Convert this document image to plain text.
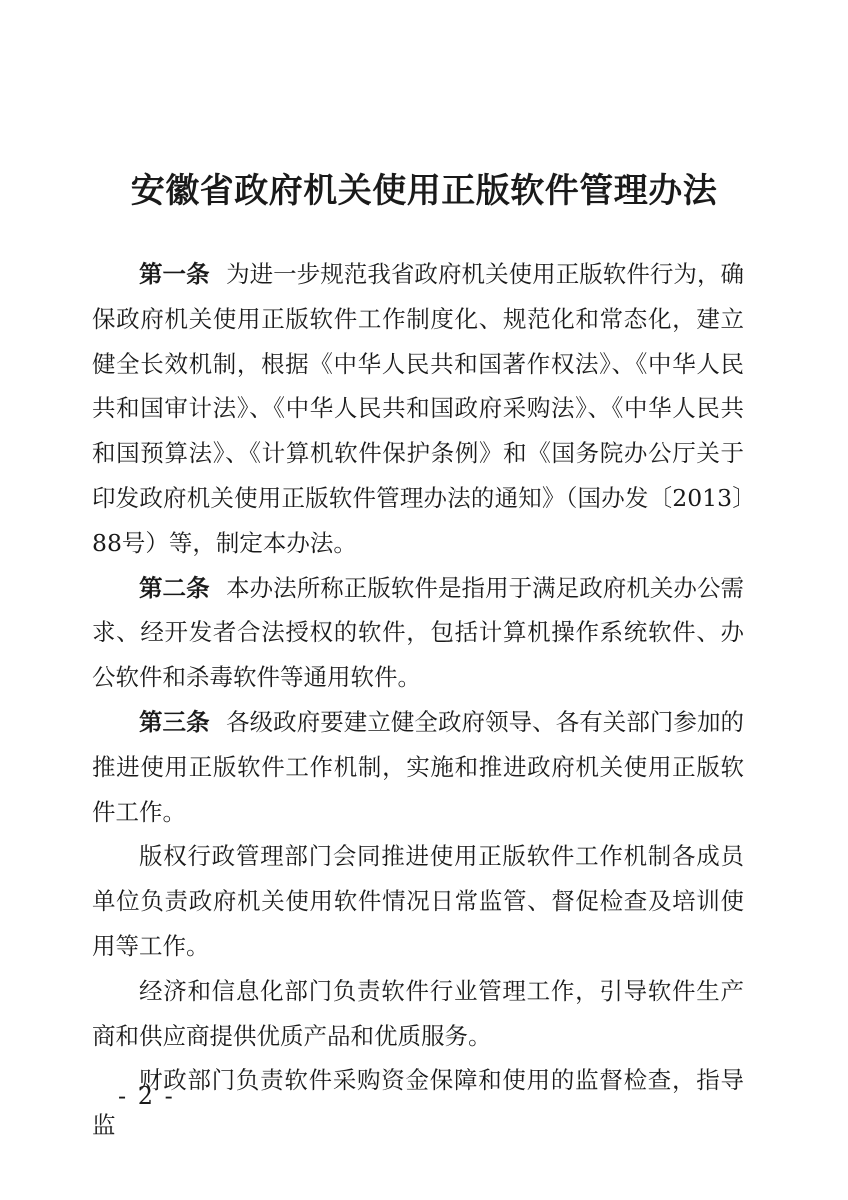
安徽省政府机关使用正版软件管理办法

第一条 为进一步规范我省政府机关使用正版软件行为，确保政府机关使用正版软件工作制度化、规范化和常态化，建立健全长效机制，根据《中华人民共和国著作权法》、《中华人民共和国审计法》、《中华人民共和国政府采购法》、《中华人民共和国预算法》、《计算机软件保护条例》和《国务院办公厅关于印发政府机关使用正版软件管理办法的通知》（国办发〔2013〕88号）等，制定本办法。

第二条 本办法所称正版软件是指用于满足政府机关办公需求、经开发者合法授权的软件，包括计算机操作系统软件、办公软件和杀毒软件等通用软件。

第三条 各级政府要建立健全政府领导、各有关部门参加的推进使用正版软件工作机制，实施和推进政府机关使用正版软件工作。

版权行政管理部门会同推进使用正版软件工作机制各成员单位负责政府机关使用软件情况日常监管、督促检查及培训使用等工作。

经济和信息化部门负责软件行业管理工作，引导软件生产商和供应商提供优质产品和优质服务。

财政部门负责软件采购资金保障和使用的监督检查，指导监

- 2 -
